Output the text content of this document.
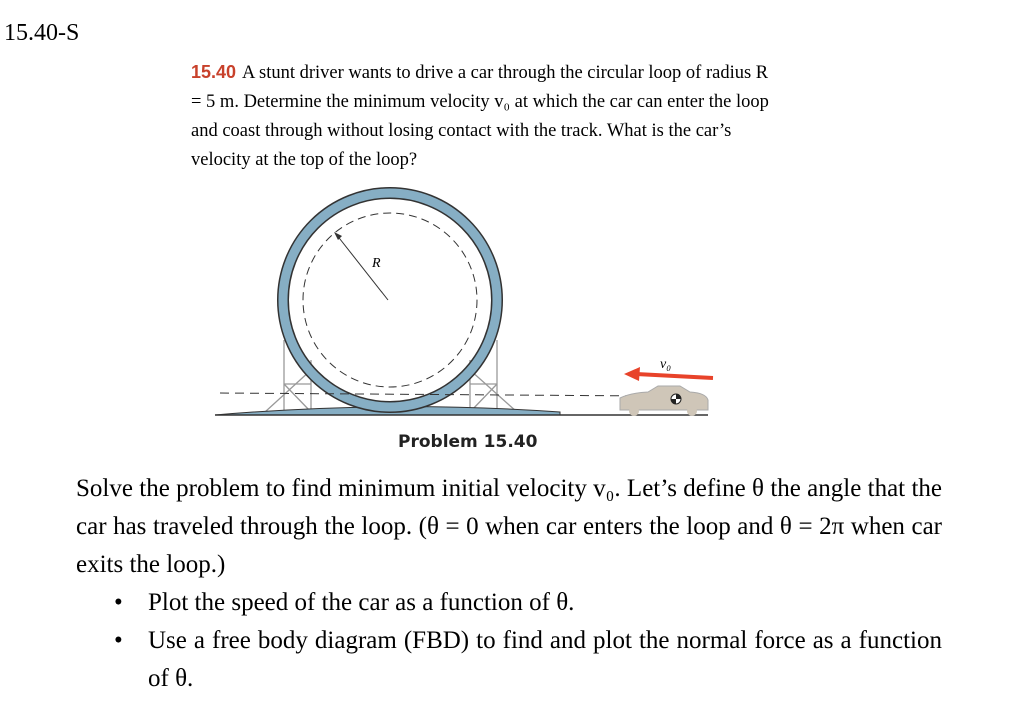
15.40-S
15.40 A stunt driver wants to drive a car through the circular loop of radius R = 5 m. Determine the minimum velocity v₀ at which the car can enter the loop and coast through without losing contact with the track. What is the car’s velocity at the top of the loop?
R
v₀
Problem 15.40
Solve the problem to find minimum initial velocity v₀. Let’s define θ the angle that the car has traveled through the loop. (θ = 0 when car enters the loop and θ = 2π when car exits the loop.)
• Plot the speed of the car as a function of θ.
• Use a free body diagram (FBD) to find and plot the normal force as a function of θ.
